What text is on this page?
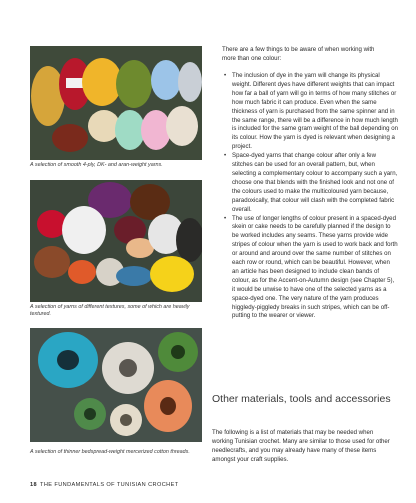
A selection of smooth 4-ply, DK- and aran-weight yarns.

A selection of yarns of different textures, some of which are heavily textured.

A selection of thinner bedspread-weight mercerized cotton threads.

There are a few things to be aware of when working with more than one colour:

• The inclusion of dye in the yarn will change its physical weight. Different dyes have different weights that can impact how far a ball of yarn will go in terms of how many stitches or how much fabric it can produce. Even when the same thickness of yarn is purchased from the same spinner and in the same range, there will be a difference in how much length is included for the same gram weight of the ball depending on its colour. How the yarn is dyed is relevant when designing a project.
• Space-dyed yarns that change colour after only a few stitches can be used for an overall pattern, but, when selecting a complementary colour to accompany such a yarn, choose one that blends with the finished look and not one of the colours used to make the multicoloured yarn because, paradoxically, that colour will clash with the completed fabric overall.
• The use of longer lengths of colour present in a spaced-dyed skein or cake needs to be carefully planned if the design to be worked includes any seams. These yarns provide wide stripes of colour when the yarn is used to work back and forth or around and around over the same number of stitches on each row or round, which can be beautiful. However, when an article has been designed to include clean bands of colour, as for the Accent-on-Autumn design (see Chapter 5), it would be unwise to have one of the selected yarns as a space-dyed one. The very nature of the yarn produces higgledy-piggledy breaks in such stripes, which can be off-putting to the wearer or viewer.
Other materials, tools and accessories

The following is a list of materials that may be needed when working Tunisian crochet. Many are similar to those used for other needlecrafts, and you may already have many of these items amongst your craft supplies.

18 THE FUNDAMENTALS OF TUNISIAN CROCHET
